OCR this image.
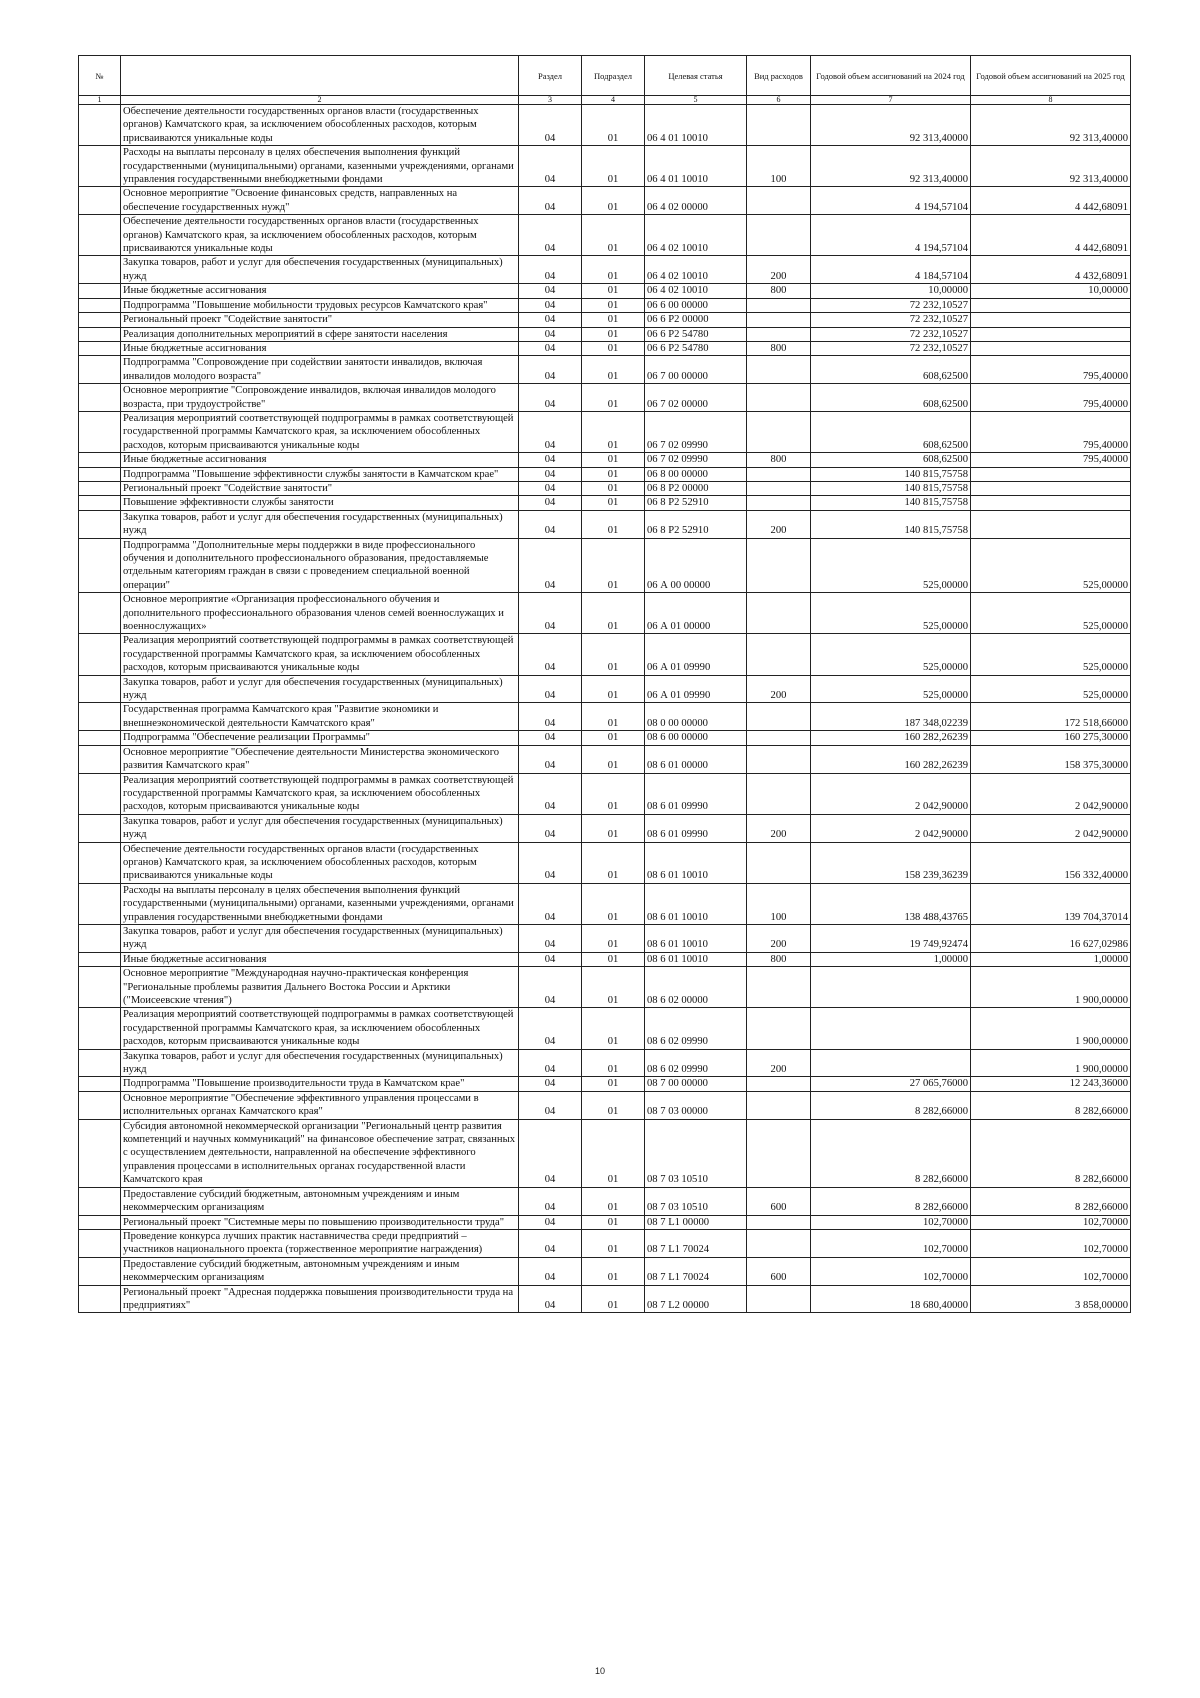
№		Раздел	Подраздел	Целевая статья	Вид расходов	Годовой объем ассигнований на 2024 год	Годовой объем ассигнований на 2025 год
1	2	3	4	5	6	7	8
	Обеспечение деятельности государственных органов власти (государственных органов) Камчатского края, за исключением обособленных расходов, которым присваиваются уникальные коды	04	01	06 4 01 10010		92 313,40000	92 313,40000
	Расходы на выплаты персоналу в целях обеспечения выполнения функций государственными (муниципальными) органами, казенными учреждениями, органами управления государственными внебюджетными фондами	04	01	06 4 01 10010	100	92 313,40000	92 313,40000
	Основное мероприятие "Освоение финансовых средств, направленных на обеспечение государственных нужд"	04	01	06 4 02 00000		4 194,57104	4 442,68091
	Обеспечение деятельности государственных органов власти (государственных органов) Камчатского края, за исключением обособленных расходов, которым присваиваются уникальные коды	04	01	06 4 02 10010		4 194,57104	4 442,68091
	Закупка товаров, работ и услуг для обеспечения государственных (муниципальных) нужд	04	01	06 4 02 10010	200	4 184,57104	4 432,68091
	Иные бюджетные ассигнования	04	01	06 4 02 10010	800	10,00000	10,00000
	Подпрограмма "Повышение мобильности трудовых ресурсов Камчатского края"	04	01	06 6 00 00000		72 232,10527	
	Региональный проект "Содействие занятости"	04	01	06 6 P2 00000		72 232,10527	
	Реализация дополнительных мероприятий в сфере занятости населения	04	01	06 6 P2 54780		72 232,10527	
	Иные бюджетные ассигнования	04	01	06 6 P2 54780	800	72 232,10527	
	Подпрограмма "Сопровождение при содействии занятости инвалидов, включая инвалидов молодого возраста"	04	01	06 7 00 00000		608,62500	795,40000
	Основное мероприятие "Сопровождение инвалидов, включая инвалидов молодого возраста, при трудоустройстве"	04	01	06 7 02 00000		608,62500	795,40000
	Реализация мероприятий соответствующей подпрограммы в рамках соответствующей государственной программы Камчатского края, за исключением обособленных расходов, которым присваиваются уникальные коды	04	01	06 7 02 09990		608,62500	795,40000
	Иные бюджетные ассигнования	04	01	06 7 02 09990	800	608,62500	795,40000
	Подпрограмма "Повышение эффективности службы занятости в Камчатском крае"	04	01	06 8 00 00000		140 815,75758	
	Региональный проект "Содействие занятости"	04	01	06 8 P2 00000		140 815,75758	
	Повышение эффективности службы занятости	04	01	06 8 P2 52910		140 815,75758	
	Закупка товаров, работ и услуг для обеспечения государственных (муниципальных) нужд	04	01	06 8 P2 52910	200	140 815,75758	
	Подпрограмма "Дополнительные меры поддержки в виде профессионального обучения и дополнительного профессионального образования, предоставляемые отдельным категориям граждан в связи с проведением специальной военной операции"	04	01	06 А 00 00000		525,00000	525,00000
	Основное мероприятие «Организация профессионального обучения и дополнительного профессионального образования членов семей военнослужащих и военнослужащих»	04	01	06 А 01 00000		525,00000	525,00000
	Реализация мероприятий соответствующей подпрограммы в рамках соответствующей государственной программы Камчатского края, за исключением обособленных расходов, которым присваиваются уникальные коды	04	01	06 А 01 09990		525,00000	525,00000
	Закупка товаров, работ и услуг для обеспечения государственных (муниципальных) нужд	04	01	06 А 01 09990	200	525,00000	525,00000
	Государственная программа Камчатского края "Развитие экономики и внешнеэкономической деятельности Камчатского края"	04	01	08 0 00 00000		187 348,02239	172 518,66000
	Подпрограмма "Обеспечение реализации Программы"	04	01	08 6 00 00000		160 282,26239	160 275,30000
	Основное мероприятие "Обеспечение деятельности Министерства экономического развития Камчатского края"	04	01	08 6 01 00000		160 282,26239	158 375,30000
	Реализация мероприятий соответствующей подпрограммы в рамках соответствующей государственной программы Камчатского края, за исключением обособленных расходов, которым присваиваются уникальные коды	04	01	08 6 01 09990		2 042,90000	2 042,90000
	Закупка товаров, работ и услуг для обеспечения государственных (муниципальных) нужд	04	01	08 6 01 09990	200	2 042,90000	2 042,90000
	Обеспечение деятельности государственных органов власти (государственных органов) Камчатского края, за исключением обособленных расходов, которым присваиваются уникальные коды	04	01	08 6 01 10010		158 239,36239	156 332,40000
	Расходы на выплаты персоналу в целях обеспечения выполнения функций государственными (муниципальными) органами, казенными учреждениями, органами управления государственными внебюджетными фондами	04	01	08 6 01 10010	100	138 488,43765	139 704,37014
	Закупка товаров, работ и услуг для обеспечения государственных (муниципальных) нужд	04	01	08 6 01 10010	200	19 749,92474	16 627,02986
	Иные бюджетные ассигнования	04	01	08 6 01 10010	800	1,00000	1,00000
	Основное мероприятие "Международная научно-практическая конференция "Региональные проблемы развития Дальнего Востока России и Арктики ("Моисеевские чтения")	04	01	08 6 02 00000			1 900,00000
	Реализация мероприятий соответствующей подпрограммы в рамках соответствующей государственной программы Камчатского края, за исключением обособленных расходов, которым присваиваются уникальные коды	04	01	08 6 02 09990			1 900,00000
	Закупка товаров, работ и услуг для обеспечения государственных (муниципальных) нужд	04	01	08 6 02 09990	200		1 900,00000
	Подпрограмма "Повышение производительности труда в Камчатском крае"	04	01	08 7 00 00000		27 065,76000	12 243,36000
	Основное мероприятие "Обеспечение эффективного управления процессами в исполнительных органах Камчатского края"	04	01	08 7 03 00000		8 282,66000	8 282,66000
	Субсидия автономной некоммерческой организации "Региональный центр развития компетенций и научных коммуникаций" на финансовое обеспечение затрат, связанных с осуществлением деятельности, направленной на обеспечение эффективного управления процессами в исполнительных органах государственной власти Камчатского края	04	01	08 7 03 10510		8 282,66000	8 282,66000
	Предоставление субсидий бюджетным, автономным учреждениям и иным некоммерческим организациям	04	01	08 7 03 10510	600	8 282,66000	8 282,66000
	Региональный проект "Системные меры по повышению производительности труда"	04	01	08 7 L1 00000		102,70000	102,70000
	Проведение конкурса лучших практик наставничества среди предприятий – участников национального проекта (торжественное мероприятие награждения)	04	01	08 7 L1 70024		102,70000	102,70000
	Предоставление субсидий бюджетным, автономным учреждениям и иным некоммерческим организациям	04	01	08 7 L1 70024	600	102,70000	102,70000
	Региональный проект "Адресная поддержка повышения производительности труда на предприятиях"	04	01	08 7 L2 00000		18 680,40000	3 858,00000
10
